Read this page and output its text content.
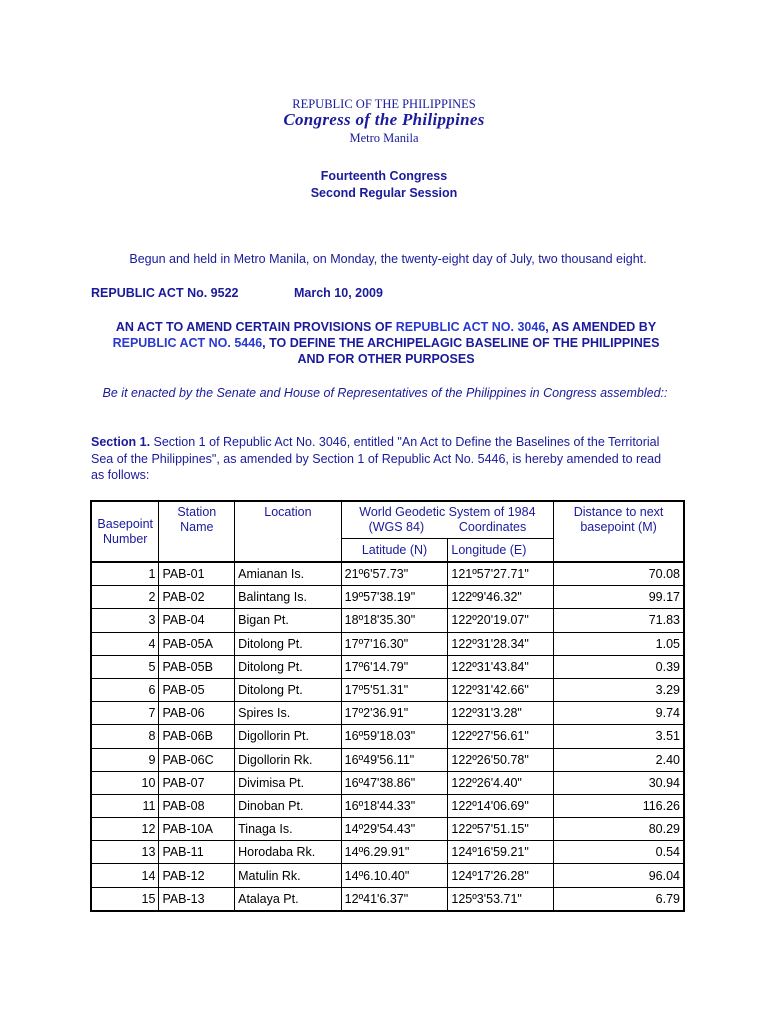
REPUBLIC OF THE PHILIPPINES
Congress of the Philippines
Metro Manila
Fourteenth Congress
Second Regular Session
Begun and held in Metro Manila, on Monday, the twenty-eight day of July, two thousand eight.
REPUBLIC ACT No. 9522	March 10, 2009
AN ACT TO AMEND CERTAIN PROVISIONS OF REPUBLIC ACT NO. 3046, AS AMENDED BY REPUBLIC ACT NO. 5446, TO DEFINE THE ARCHIPELAGIC BASELINE OF THE PHILIPPINES AND FOR OTHER PURPOSES
Be it enacted by the Senate and House of Representatives of the Philippines in Congress assembled::
Section 1. Section 1 of Republic Act No. 3046, entitled "An Act to Define the Baselines of the Territorial Sea of the Philippines", as amended by Section 1 of Republic Act No. 5446, is hereby amended to read as follows:
Basepoint Number	Station Name	Location	World Geodetic System of 1984 (WGS 84)          Coordinates		Distance to next basepoint (M)
			Latitude (N)	Longitude (E)	
1	PAB-01	Amianan Is.	21º6'57.73"	121º57'27.71"	70.08
2	PAB-02	Balintang Is.	19º57'38.19"	122º9'46.32"	99.17
3	PAB-04	Bigan Pt.	18º18'35.30"	122º20'19.07"	71.83
4	PAB-05A	Ditolong Pt.	17º7'16.30"	122º31'28.34"	1.05
5	PAB-05B	Ditolong Pt.	17º6'14.79"	122º31'43.84"	0.39
6	PAB-05	Ditolong Pt.	17º5'51.31"	122º31'42.66"	3.29
7	PAB-06	Spires Is.	17º2'36.91"	122º31'3.28"	9.74
8	PAB-06B	Digollorin Pt.	16º59'18.03"	122º27'56.61"	3.51
9	PAB-06C	Digollorin Rk.	16º49'56.11"	122º26'50.78"	2.40
10	PAB-07	Divimisa Pt.	16º47'38.86"	122º26'4.40"	30.94
11	PAB-08	Dinoban Pt.	16º18'44.33"	122º14'06.69"	116.26
12	PAB-10A	Tinaga Is.	14º29'54.43"	122º57'51.15"	80.29
13	PAB-11	Horodaba Rk.	14º6.29.91"	124º16'59.21"	0.54
14	PAB-12	Matulin Rk.	14º6.10.40"	124º17'26.28"	96.04
15	PAB-13	Atalaya Pt.	12º41'6.37"	125º3'53.71"	6.79
